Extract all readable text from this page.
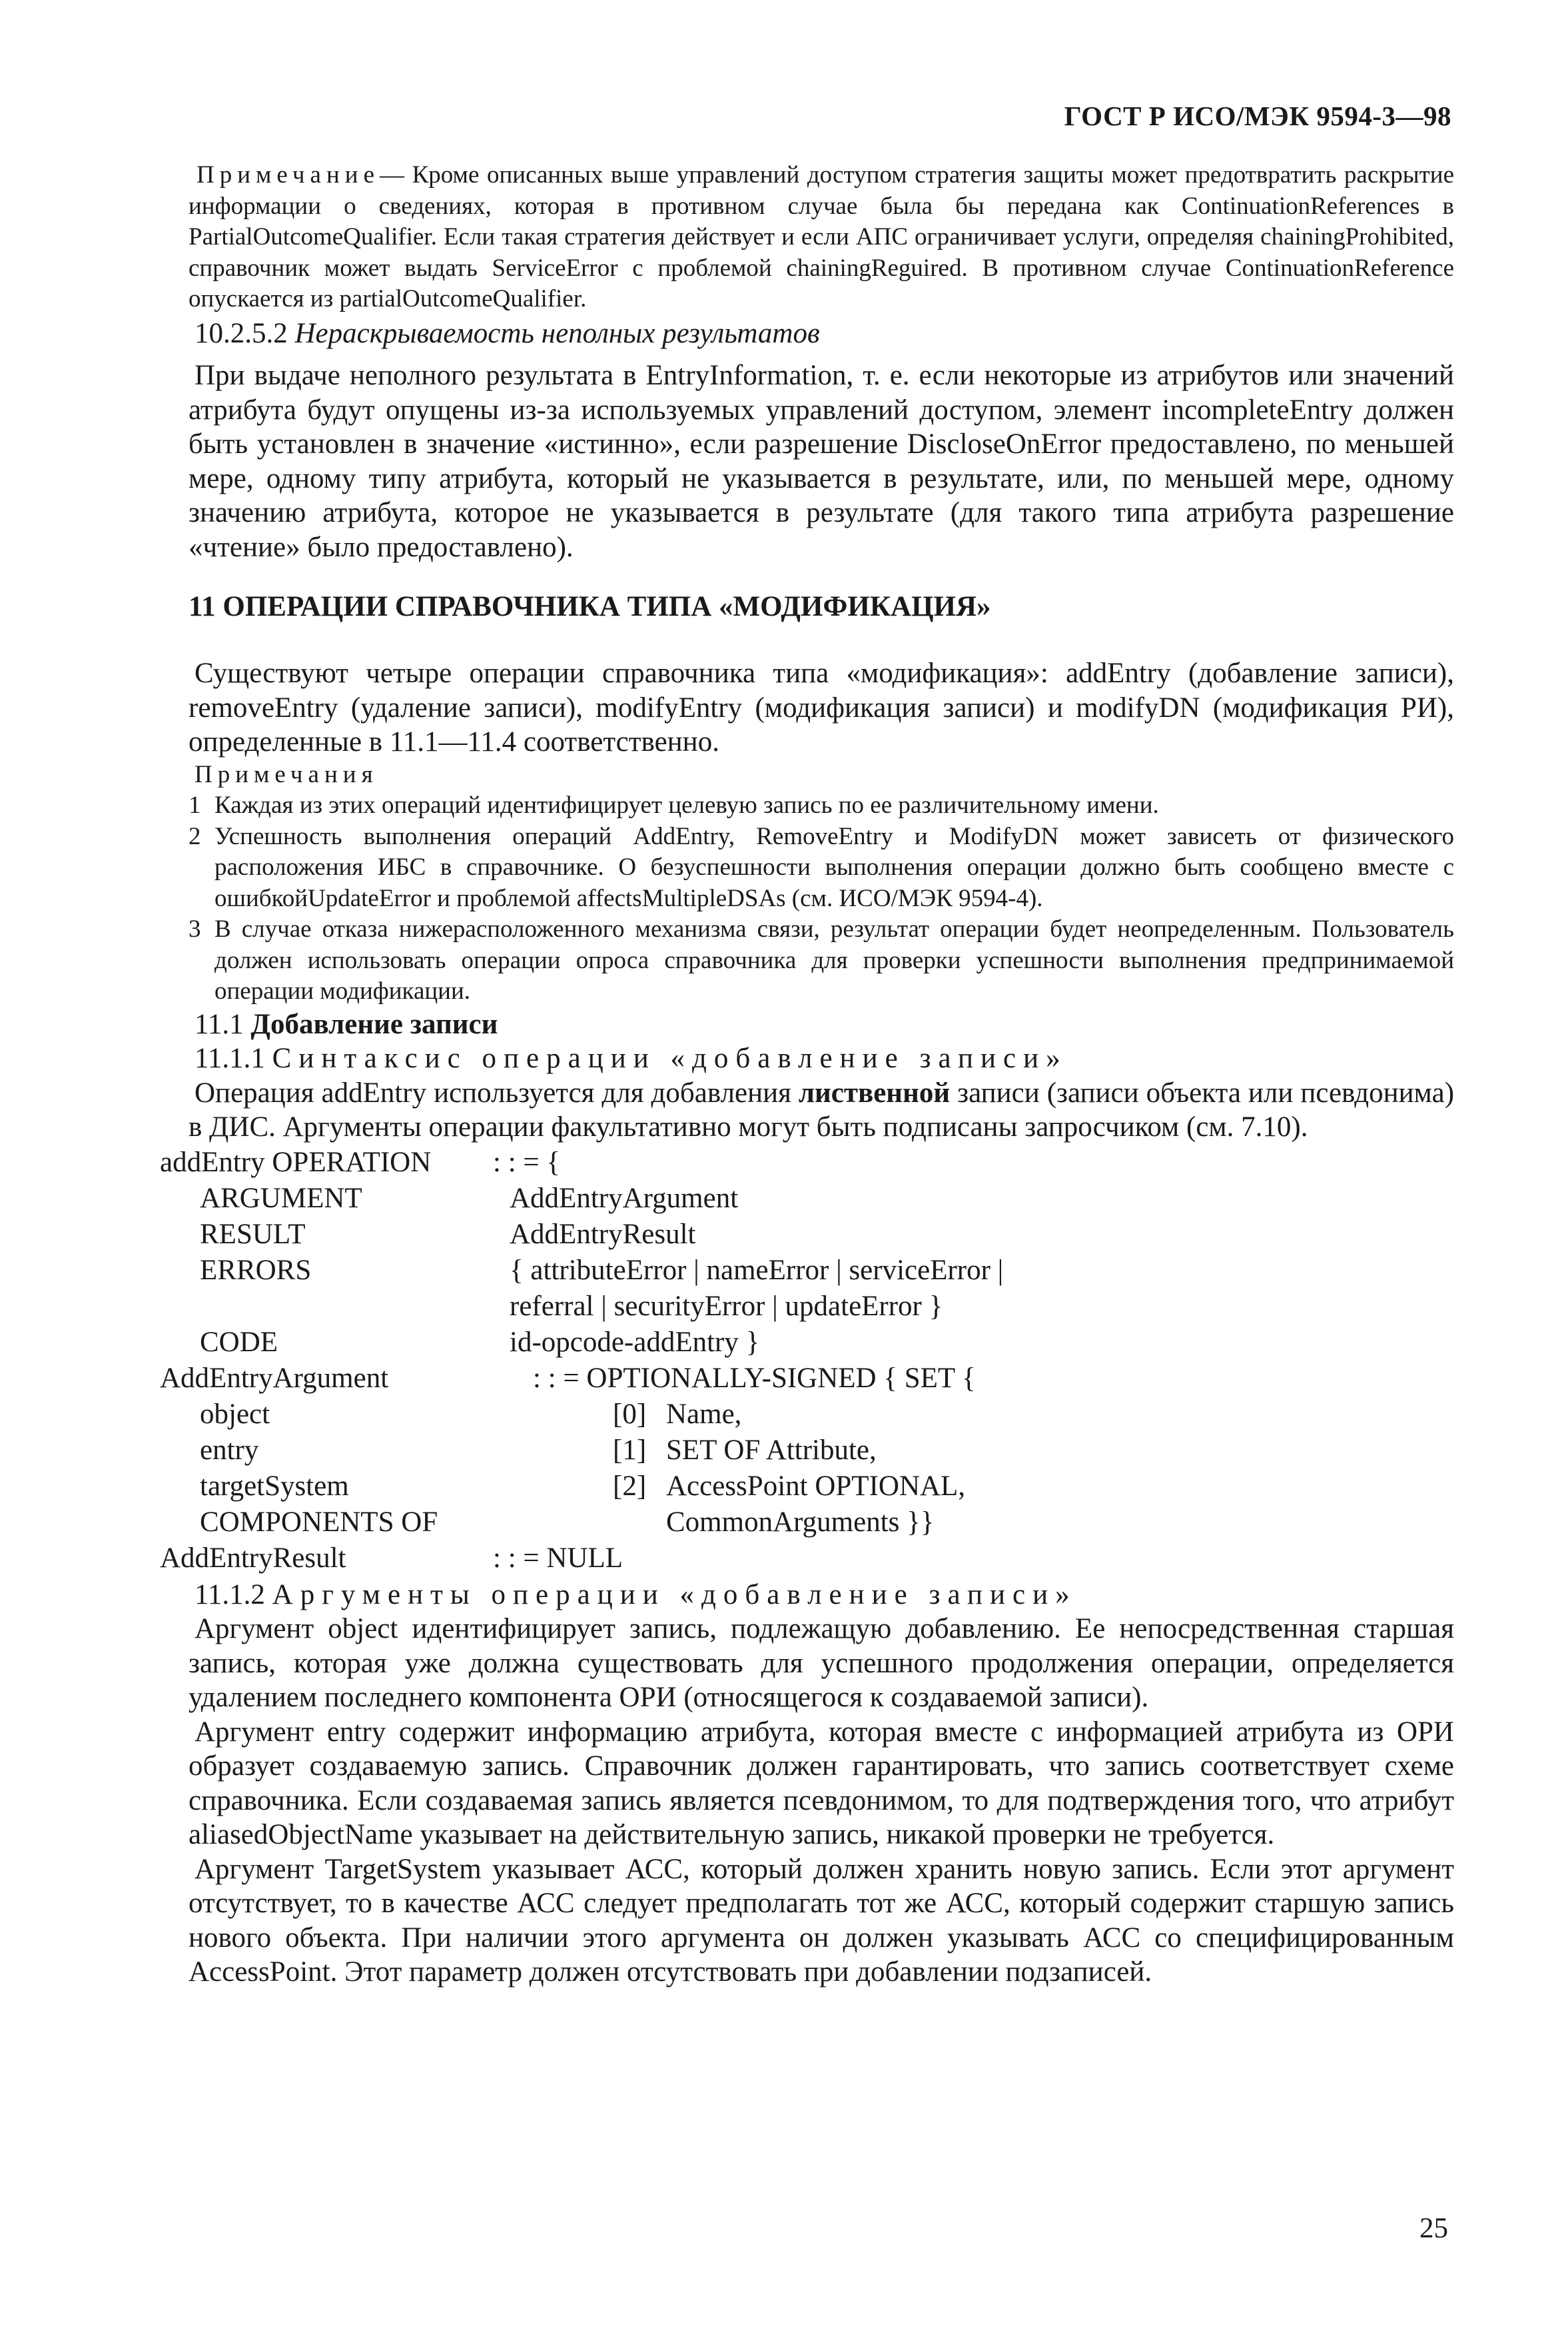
ГОСТ Р ИСО/МЭК 9594-3—98

Примечание— Кроме описанных выше управлений доступом стратегия защиты может предотвратить раскрытие информации о сведениях, которая в противном случае была бы передана как ContinuationReferences в PartialOutcomeQualifier. Если такая стратегия действует и если АПС ограничивает услуги, определяя chainingProhibited, справочник может выдать ServiceError с проблемой chainingReguired. В противном случае ContinuationReference опускается из partialOutcomeQualifier.

10.2.5.2 Нераскрываемость неполных результатов

При выдаче неполного результата в EntryInformation, т. е. если некоторые из атрибутов или значений атрибута будут опущены из-за используемых управлений доступом, элемент incompleteEntry должен быть установлен в значение «истинно», если разрешение DiscloseOnError предоставлено, по меньшей мере, одному типу атрибута, который не указывается в результате, или, по меньшей мере, одному значению атрибута, которое не указывается в результате (для такого типа атрибута разрешение «чтение» было предоставлено).

11 ОПЕРАЦИИ СПРАВОЧНИКА ТИПА «МОДИФИКАЦИЯ»

Существуют четыре операции справочника типа «модификация»: addEntry (добавление записи), removeEntry (удаление записи), modifyEntry (модификация записи) и modifyDN (модификация РИ), определенные в 11.1—11.4 соответственно.

Примечания

1 Каждая из этих операций идентифицирует целевую запись по ее различительному имени.
2 Успешность выполнения операций AddEntry, RemoveEntry и ModifyDN может зависеть от физического расположения ИБС в справочнике. О безуспешности выполнения операции должно быть сообщено вместе с ошибкойUpdateError и проблемой affectsMultipleDSAs (см. ИСО/МЭК 9594-4).
3 В случае отказа нижерасположенного механизма связи, результат операции будет неопределенным. Пользователь должен использовать операции опроса справочника для проверки успешности выполнения предпринимаемой операции модификации.

11.1 Добавление записи

11.1.1 Синтаксис операции «добавление записи»

Операция addEntry используется для добавления лиственной записи (записи объекта или псевдонима) в ДИС. Аргументы операции факультативно могут быть подписаны запросчиком (см. 7.10).

addEntry OPERATION : : = {
ARGUMENT	AddEntryArgument
RESULT	AddEntryResult
ERRORS	{ attributeError | nameError | serviceError |
referral | securityError | updateError }
CODE	id-opcode-addEntry }
AddEntryArgument	: : = OPTIONALLY-SIGNED { SET {
object	[0] Name,
entry	[1] SET OF Attribute,
targetSystem	[2] AccessPoint OPTIONAL,
COMPONENTS OF	CommonArguments }}
AddEntryResult	: : = NULL

11.1.2 Аргументы операции «добавление записи»

Аргумент object идентифицирует запись, подлежащую добавлению. Ее непосредственная старшая запись, которая уже должна существовать для успешного продолжения операции, определяется удалением последнего компонента ОРИ (относящегося к создаваемой записи).

Аргумент entry содержит информацию атрибута, которая вместе с информацией атрибута из ОРИ образует создаваемую запись. Справочник должен гарантировать, что запись соответствует схеме справочника. Если создаваемая запись является псевдонимом, то для подтверждения того, что атрибут aliasedObjectName указывает на действительную запись, никакой проверки не требуется.

Аргумент TargetSystem указывает АСС, который должен хранить новую запись. Если этот аргумент отсутствует, то в качестве АСС следует предполагать тот же АСС, который содержит старшую запись нового объекта. При наличии этого аргумента он должен указывать АСС со специфицированным AccessPoint. Этот параметр должен отсутствовать при добавлении подзаписей.

25
